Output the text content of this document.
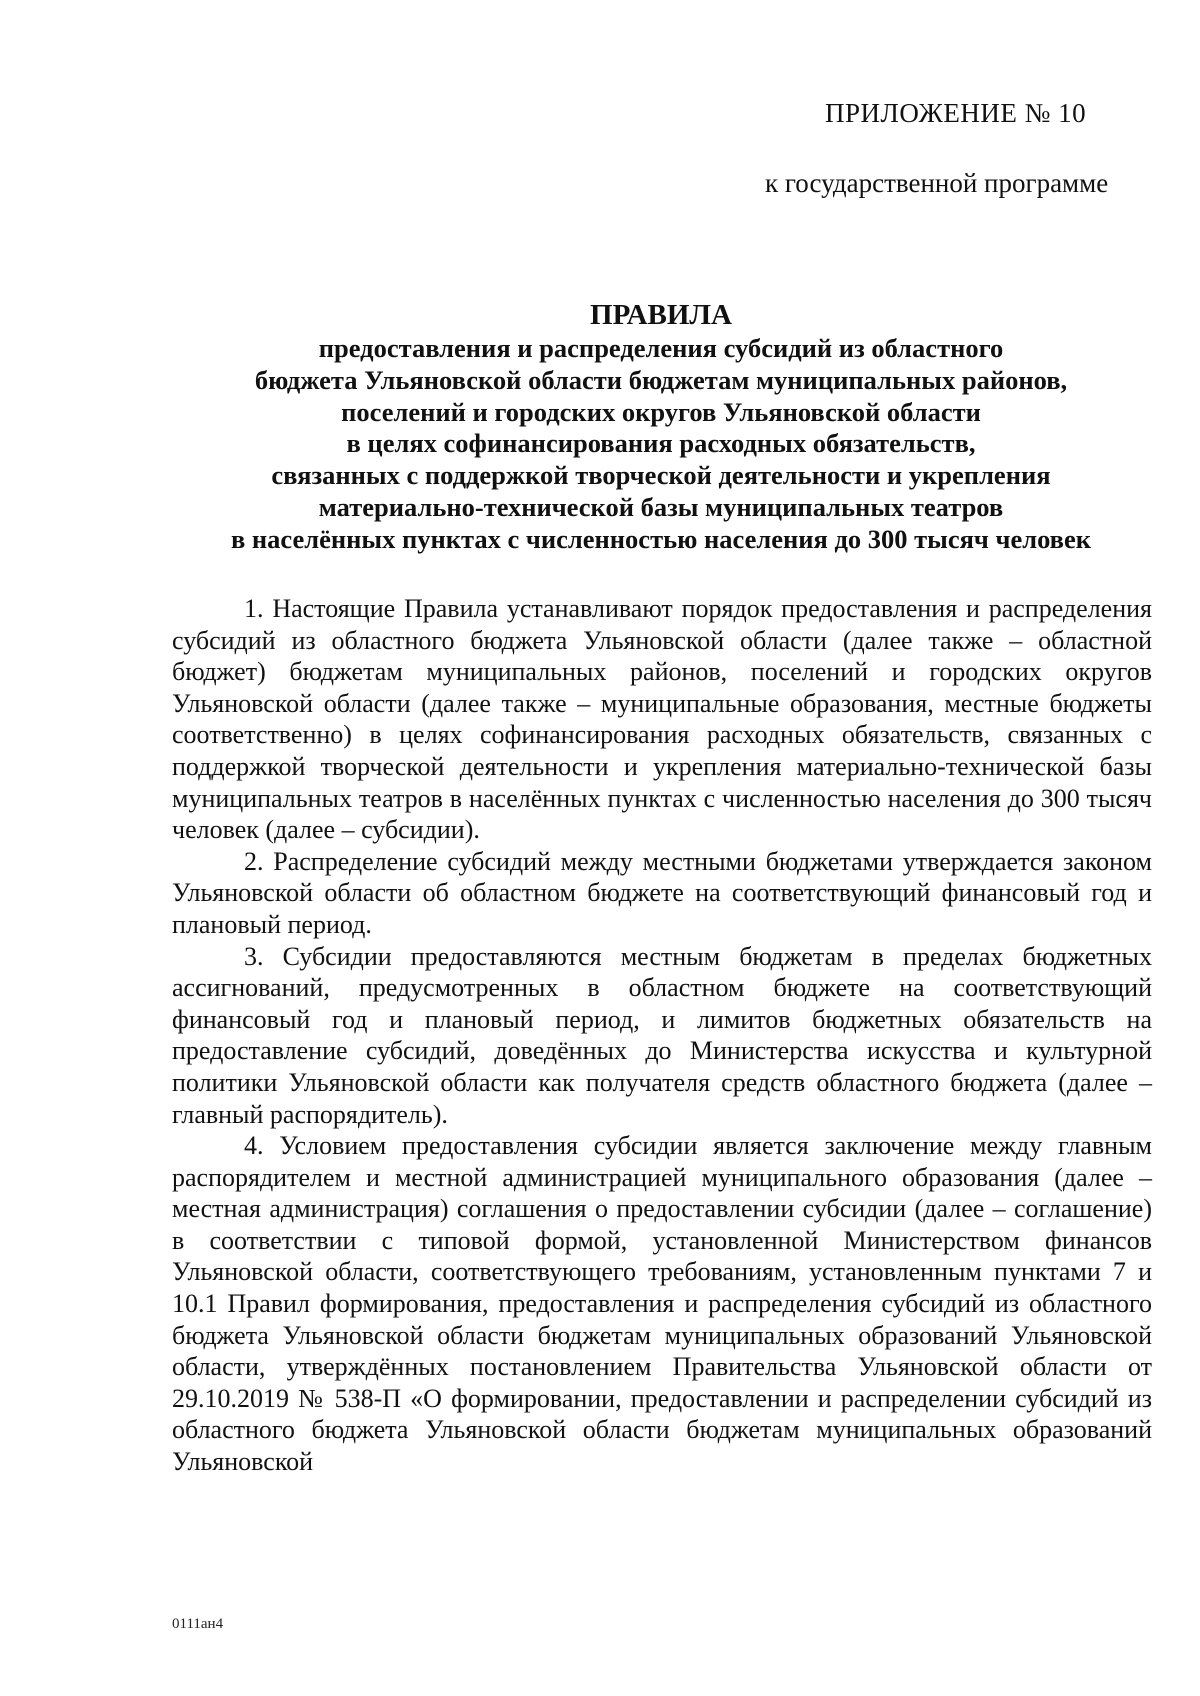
ПРИЛОЖЕНИЕ № 10
к государственной программе
ПРАВИЛА
предоставления и распределения субсидий из областного
бюджета Ульяновской области бюджетам муниципальных районов,
поселений и городских округов Ульяновской области
в целях софинансирования расходных обязательств,
связанных с поддержкой творческой деятельности и укрепления
материально-технической базы муниципальных театров
в населённых пунктах с численностью населения до 300 тысяч человек

1. Настоящие Правила устанавливают порядок предоставления и распределения субсидий из областного бюджета Ульяновской области (далее также – областной бюджет) бюджетам муниципальных районов, поселений и городских округов Ульяновской области (далее также – муниципальные образования, местные бюджеты соответственно) в целях софинансирования расходных обязательств, связанных с поддержкой творческой деятельности и укрепления материально-технической базы муниципальных театров в населённых пунктах с численностью населения до 300 тысяч человек (далее – субсидии).

2. Распределение субсидий между местными бюджетами утверждается законом Ульяновской области об областном бюджете на соответствующий финансовый год и плановый период.

3. Субсидии предоставляются местным бюджетам в пределах бюджетных ассигнований, предусмотренных в областном бюджете на соответствующий финансовый год и плановый период, и лимитов бюджетных обязательств на предоставление субсидий, доведённых до Министерства искусства и культурной политики Ульяновской области как получателя средств областного бюджета (далее – главный распорядитель).

4. Условием предоставления субсидии является заключение между главным распорядителем и местной администрацией муниципального образования (далее – местная администрация) соглашения о предоставлении субсидии (далее – соглашение) в соответствии с типовой формой, установленной Министерством финансов Ульяновской области, соответствующего требованиям, установленным пунктами 7 и 10.1 Правил формирования, предоставления и распределения субсидий из областного бюджета Ульяновской области бюджетам муниципальных образований Ульяновской области, утверждённых постановлением Правительства Ульяновской области от 29.10.2019 № 538-П «О формировании, предоставлении и распределении субсидий из областного бюджета Ульяновской области бюджетам муниципальных образований Ульяновской

0111ан4
